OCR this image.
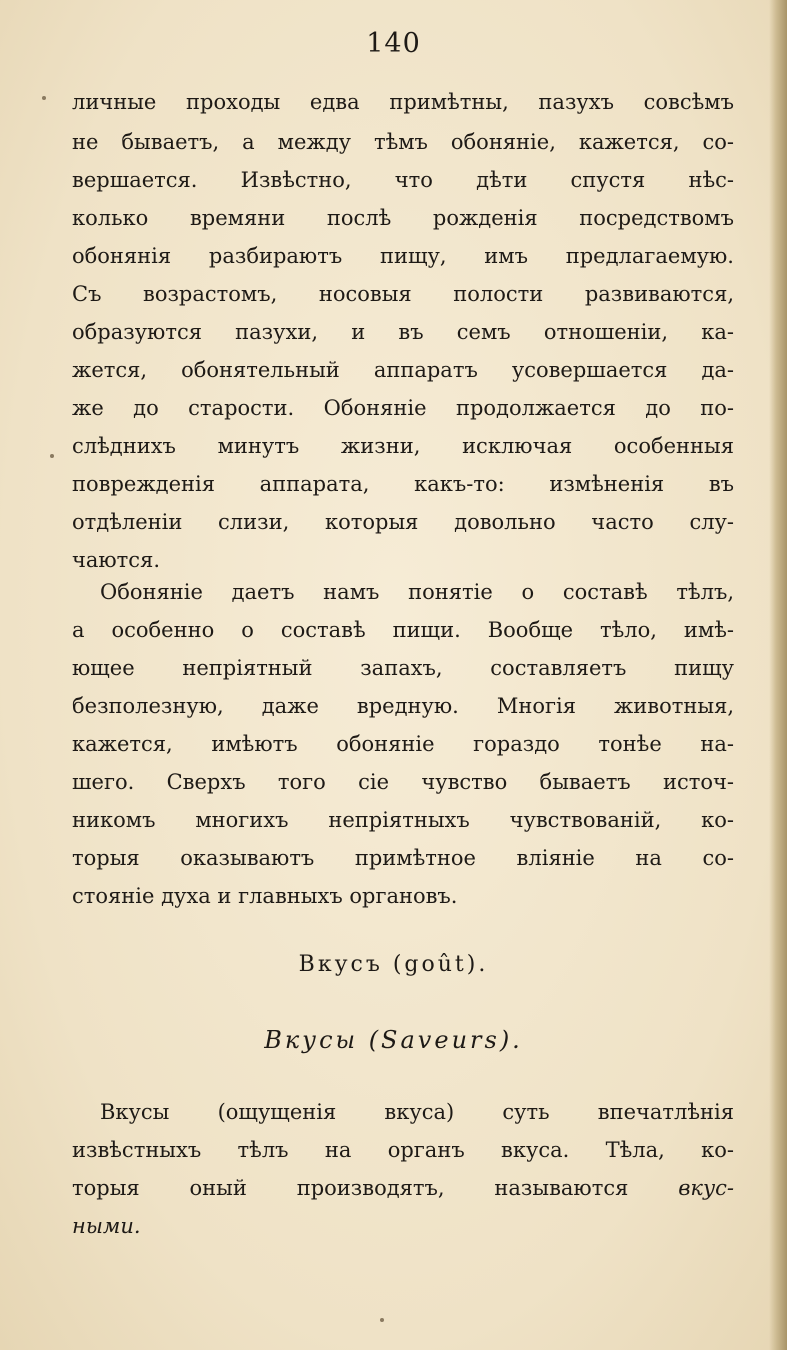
140
личные проходы едва примѣтны, пазухъ совсѣмъ
не бываетъ, а между тѣмъ обонянiе, кажется, со-
вершается. Извѣстно, что дѣти спустя нѣс-
колько времяни послѣ рожденiя посредствомъ
обонянiя разбираютъ пищу, имъ предлагаемую.
Съ возрастомъ, носовыя полости развиваются,
образуются пазухи, и въ семъ отношенiи, ка-
жется, обонятельный аппаратъ усовершается да-
же до старости. Обонянiе продолжается до по-
слѣднихъ минутъ жизни, исключая особенныя
поврежденiя аппарата, какъ-то: измѣненiя въ
отдѣленiи слизи, которыя довольно часто слу-
чаются.
Обонянiе даетъ намъ понятiе о составѣ тѣлъ,
а особенно о составѣ пищи. Вообще тѣло, имѣ-
ющее непрiятный запахъ, составляетъ пищу
безполезную, даже вредную. Многiя животныя,
кажется, имѣютъ обонянiе гораздо тонѣе на-
шего. Сверхъ того сiе чувство бываетъ источ-
никомъ многихъ непрiятныхъ чувствованiй, ко-
торыя оказываютъ примѣтное влiянiе на со-
стоянiе духа и главныхъ органовъ.
Вкусъ (goût).
Вкусы (Saveurs).
Вкусы (ощущенiя вкуса) суть впечатлѣнiя
извѣстныхъ тѣлъ на органъ вкуса. Тѣла, ко-
торыя оный производятъ, называются вкус-
ными.
